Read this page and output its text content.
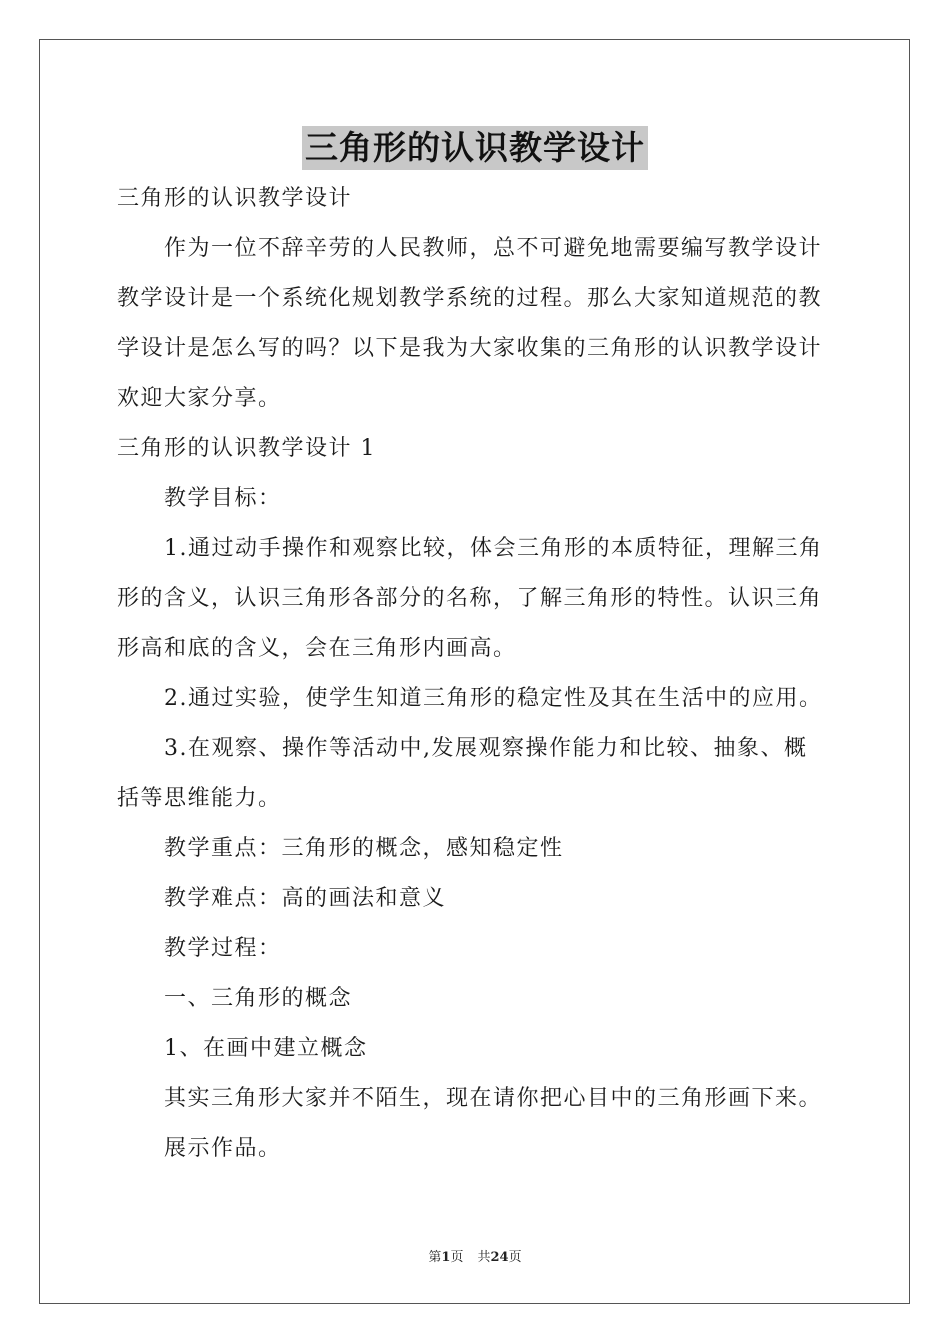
三角形的认识教学设计
三角形的认识教学设计
作为一位不辞辛劳的人民教师，总不可避免地需要编写教学设计
教学设计是一个系统化规划教学系统的过程。那么大家知道规范的教
学设计是怎么写的吗？以下是我为大家收集的三角形的认识教学设计
欢迎大家分享。
三角形的认识教学设计 1
教学目标：
1.通过动手操作和观察比较，体会三角形的本质特征，理解三角
形的含义，认识三角形各部分的名称，了解三角形的特性。认识三角
形高和底的含义，会在三角形内画高。
2.通过实验，使学生知道三角形的稳定性及其在生活中的应用。
3.在观察、操作等活动中,发展观察操作能力和比较、抽象、概
括等思维能力。
教学重点：三角形的概念，感知稳定性
教学难点：高的画法和意义
教学过程：
一、三角形的概念
1、在画中建立概念
其实三角形大家并不陌生，现在请你把心目中的三角形画下来。
展示作品。
第1页 共24页
